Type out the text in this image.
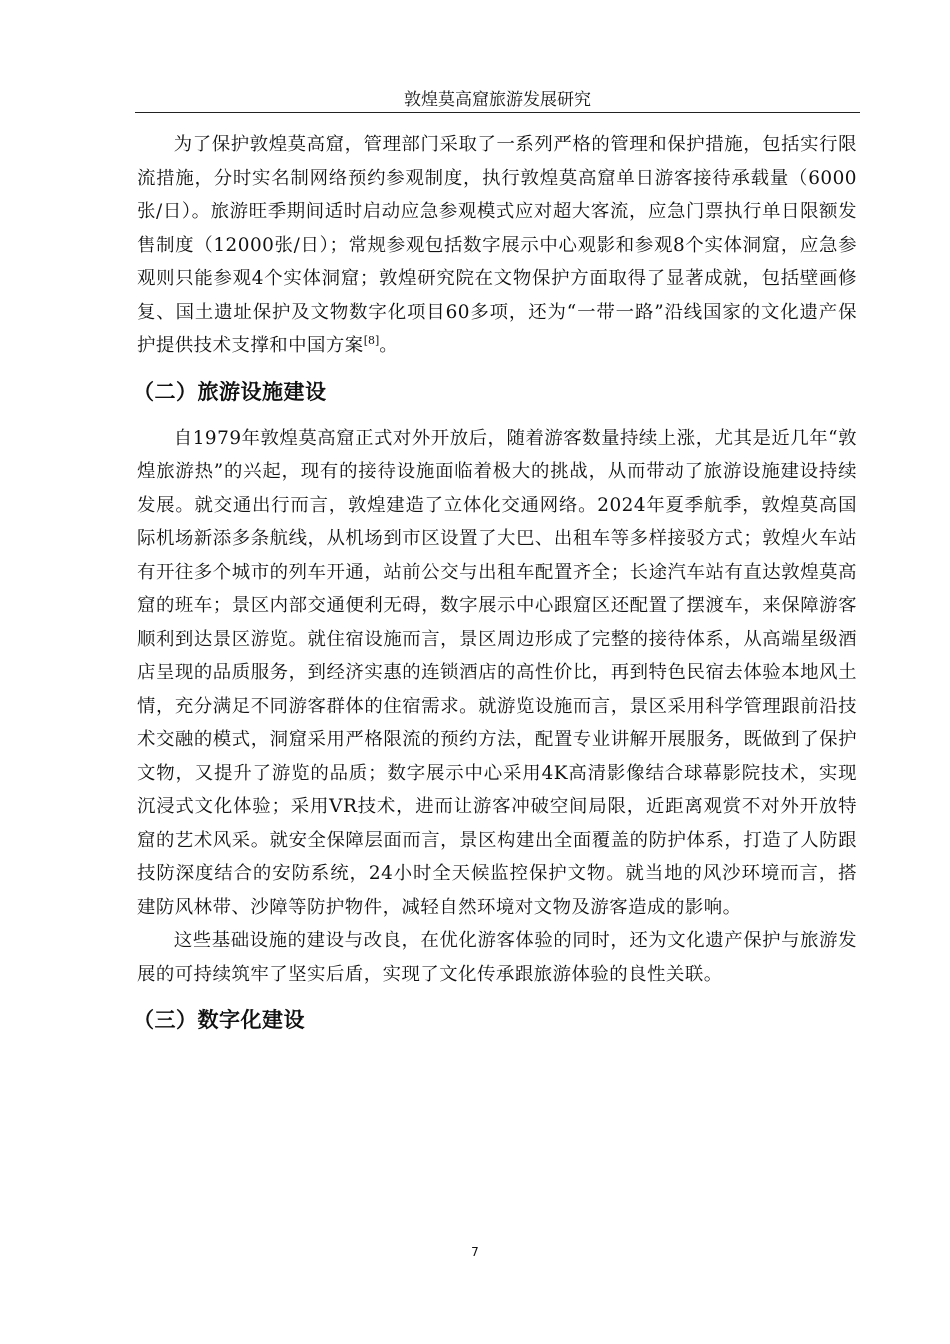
敦煌莫高窟旅游发展研究

为了保护敦煌莫高窟，管理部门采取了一系列严格的管理和保护措施，包括实行限流措施，分时实名制网络预约参观制度，执行敦煌莫高窟单日游客接待承载量（6000张/日）。旅游旺季期间适时启动应急参观模式应对超大客流，应急门票执行单日限额发售制度（12000张/日）；常规参观包括数字展示中心观影和参观8个实体洞窟，应急参观则只能参观4个实体洞窟；敦煌研究院在文物保护方面取得了显著成就，包括壁画修复、国土遗址保护及文物数字化项目60多项，还为“一带一路”沿线国家的文化遗产保护提供技术支撑和中国方案[8]。

（二）旅游设施建设

自1979年敦煌莫高窟正式对外开放后，随着游客数量持续上涨，尤其是近几年“敦煌旅游热”的兴起，现有的接待设施面临着极大的挑战，从而带动了旅游设施建设持续发展。就交通出行而言，敦煌建造了立体化交通网络。2024年夏季航季，敦煌莫高国际机场新添多条航线，从机场到市区设置了大巴、出租车等多样接驳方式；敦煌火车站有开往多个城市的列车开通，站前公交与出租车配置齐全；长途汽车站有直达敦煌莫高窟的班车；景区内部交通便利无碍，数字展示中心跟窟区还配置了摆渡车，来保障游客顺利到达景区游览。就住宿设施而言，景区周边形成了完整的接待体系，从高端星级酒店呈现的品质服务，到经济实惠的连锁酒店的高性价比，再到特色民宿去体验本地风土情，充分满足不同游客群体的住宿需求。就游览设施而言，景区采用科学管理跟前沿技术交融的模式，洞窟采用严格限流的预约方法，配置专业讲解开展服务，既做到了保护文物，又提升了游览的品质；数字展示中心采用4K高清影像结合球幕影院技术，实现沉浸式文化体验；采用VR技术，进而让游客冲破空间局限，近距离观赏不对外开放特窟的艺术风采。就安全保障层面而言，景区构建出全面覆盖的防护体系，打造了人防跟技防深度结合的安防系统，24小时全天候监控保护文物。就当地的风沙环境而言，搭建防风林带、沙障等防护物件，减轻自然环境对文物及游客造成的影响。

这些基础设施的建设与改良，在优化游客体验的同时，还为文化遗产保护与旅游发展的可持续筑牢了坚实后盾，实现了文化传承跟旅游体验的良性关联。

（三）数字化建设
7
